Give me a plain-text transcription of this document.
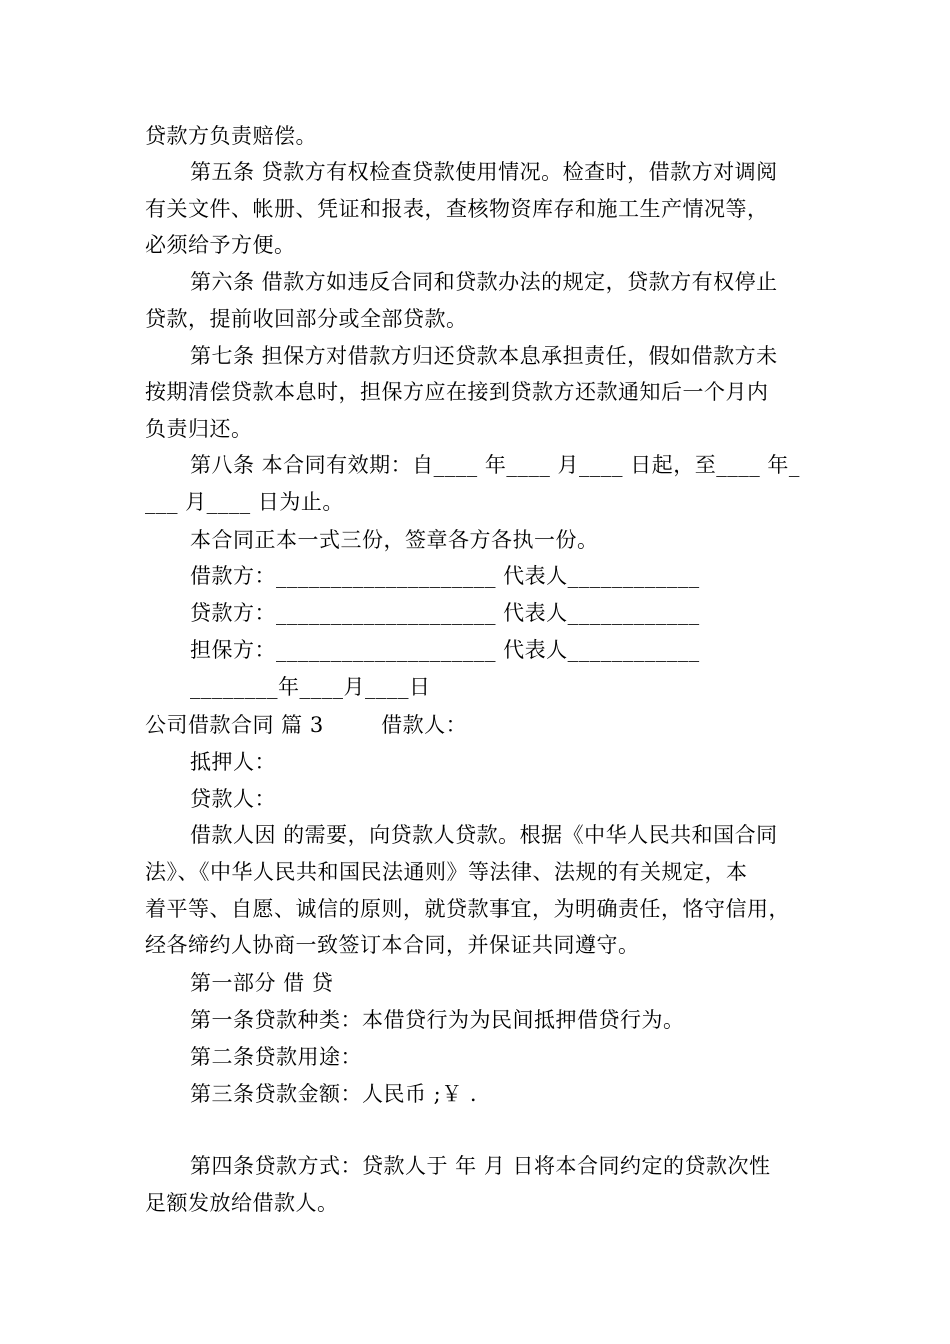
贷款方负责赔偿。
第五条 贷款方有权检查贷款使用情况。检查时，借款方对调阅
有关文件、帐册、凭证和报表，查核物资库存和施工生产情况等，
必须给予方便。
第六条 借款方如违反合同和贷款办法的规定，贷款方有权停止
贷款，提前收回部分或全部贷款。
第七条 担保方对借款方归还贷款本息承担责任，假如借款方未
按期清偿贷款本息时，担保方应在接到贷款方还款通知后一个月内
负责归还。
第八条 本合同有效期：自____ 年____ 月____ 日起，至____ 年_
___ 月____ 日为止。
本合同正本一式三份，签章各方各执一份。
借款方：____________________ 代表人____________
贷款方：____________________ 代表人____________
担保方：____________________ 代表人____________
________年____月____日
公司借款合同 篇 3        借款人：
抵押人：
贷款人：
借款人因 的需要，向贷款人贷款。根据《中华人民共和国合同
法》、《中华人民共和国民法通则》等法律、法规的有关规定，本
着平等、自愿、诚信的原则，就贷款事宜，为明确责任，恪守信用，
经各缔约人协商一致签订本合同，并保证共同遵守。
第一部分 借 贷
第一条贷款种类：本借贷行为为民间抵押借贷行为。
第二条贷款用途：
第三条贷款金额：人民币 ;￥ .
第四条贷款方式：贷款人于 年 月 日将本合同约定的贷款次性
足额发放给借款人。
